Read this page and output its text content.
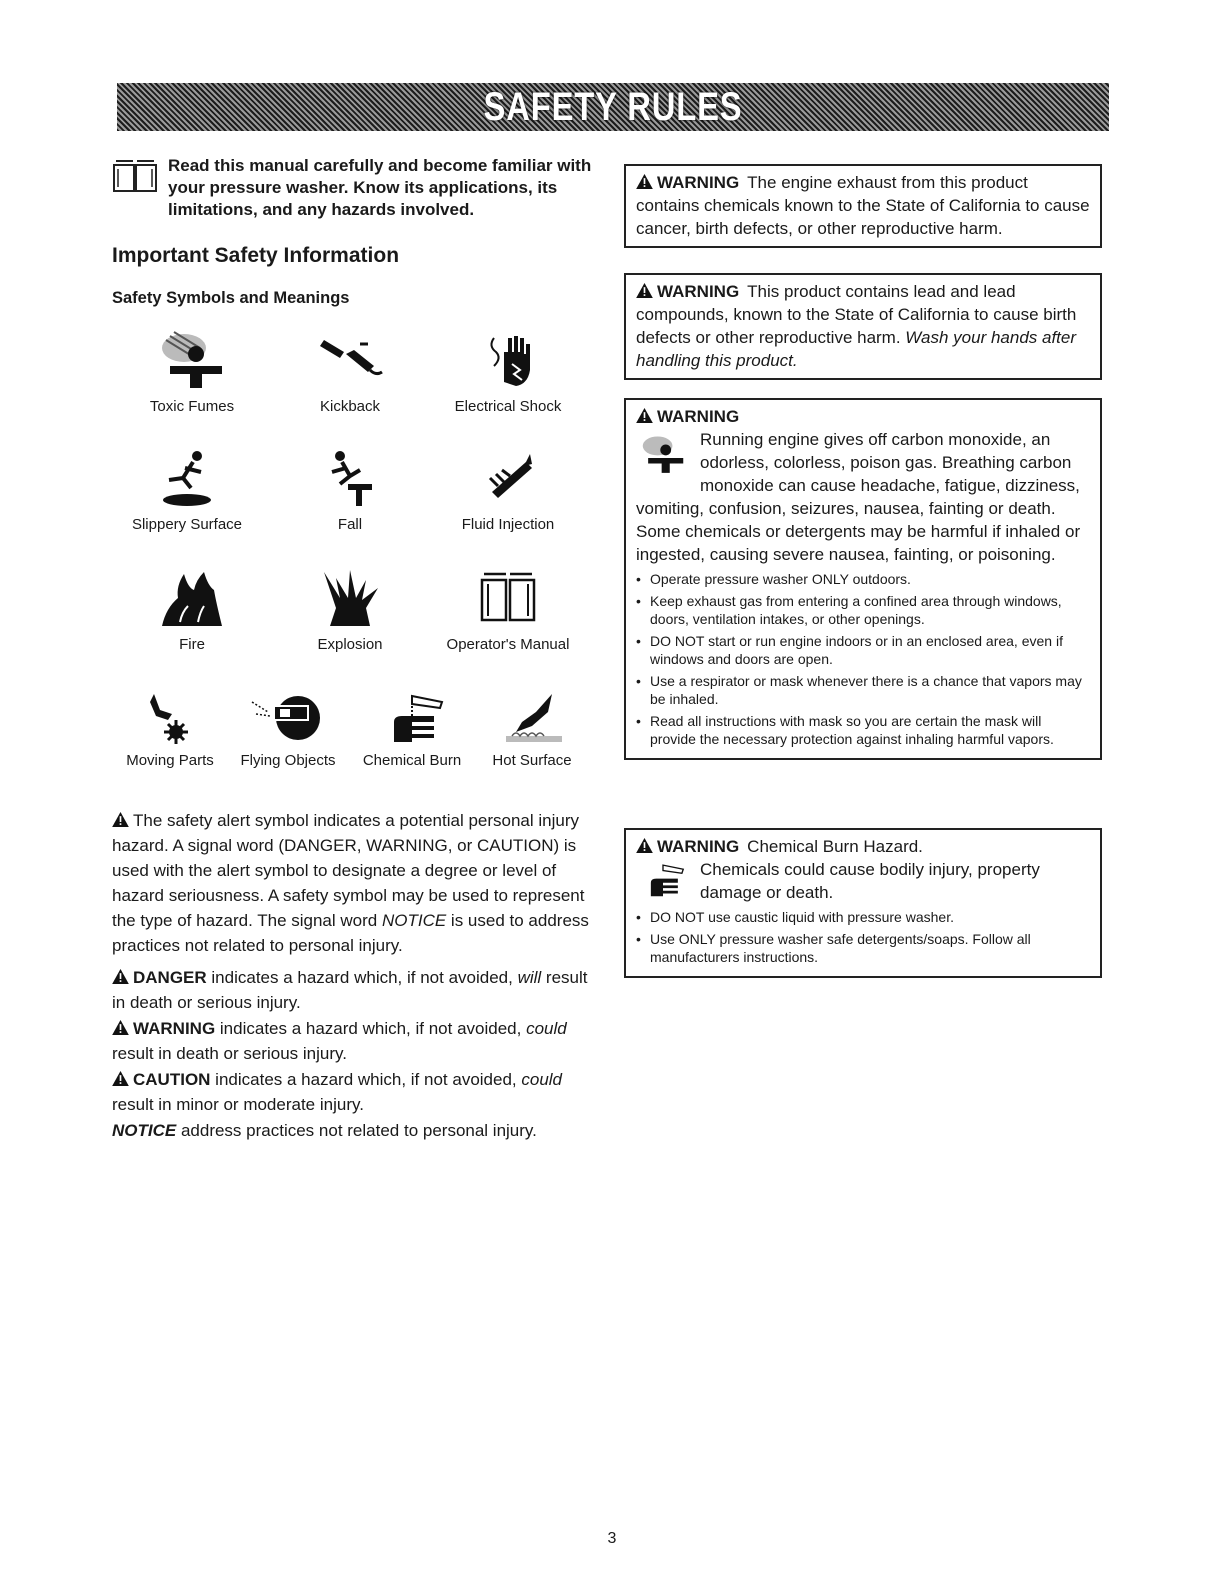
SAFETY RULES
Read this manual carefully and become familiar with your pressure washer. Know its applications, its limitations, and any hazards involved.
Important Safety Information
Safety Symbols and Meanings
Toxic Fumes	Kickback	Electrical Shock
Slippery Surface	Fall	Fluid Injection
Fire	Explosion	Operator's Manual
Moving Parts	Flying Objects	Chemical Burn	Hot Surface
The safety alert symbol indicates a potential personal injury hazard. A signal word (DANGER, WARNING, or CAUTION) is used with the alert symbol to designate a degree or level of hazard seriousness. A safety symbol may be used to represent the type of hazard. The signal word NOTICE is used to address practices not related to personal injury.
DANGER indicates a hazard which, if not avoided, will result in death or serious injury.
WARNING indicates a hazard which, if not avoided, could result in death or serious injury.
CAUTION indicates a hazard which, if not avoided, could result in minor or moderate injury.
NOTICE address practices not related to personal injury.
WARNING The engine exhaust from this product contains chemicals known to the State of California to cause cancer, birth defects, or other reproductive harm.
WARNING This product contains lead and lead compounds, known to the State of California to cause birth defects or other reproductive harm. Wash your hands after handling this product.
WARNING
Running engine gives off carbon monoxide, an odorless, colorless, poison gas. Breathing carbon monoxide can cause headache, fatigue, dizziness, vomiting, confusion, seizures, nausea, fainting or death.
Some chemicals or detergents may be harmful if inhaled or ingested, causing severe nausea, fainting, or poisoning.
• Operate pressure washer ONLY outdoors.
• Keep exhaust gas from entering a confined area through windows, doors, ventilation intakes, or other openings.
• DO NOT start or run engine indoors or in an enclosed area, even if windows and doors are open.
• Use a respirator or mask whenever there is a chance that vapors may be inhaled.
• Read all instructions with mask so you are certain the mask will provide the necessary protection against inhaling harmful vapors.
WARNING Chemical Burn Hazard.
Chemicals could cause bodily injury, property damage or death.
• DO NOT use caustic liquid with pressure washer.
• Use ONLY pressure washer safe detergents/soaps. Follow all manufacturers instructions.
3
